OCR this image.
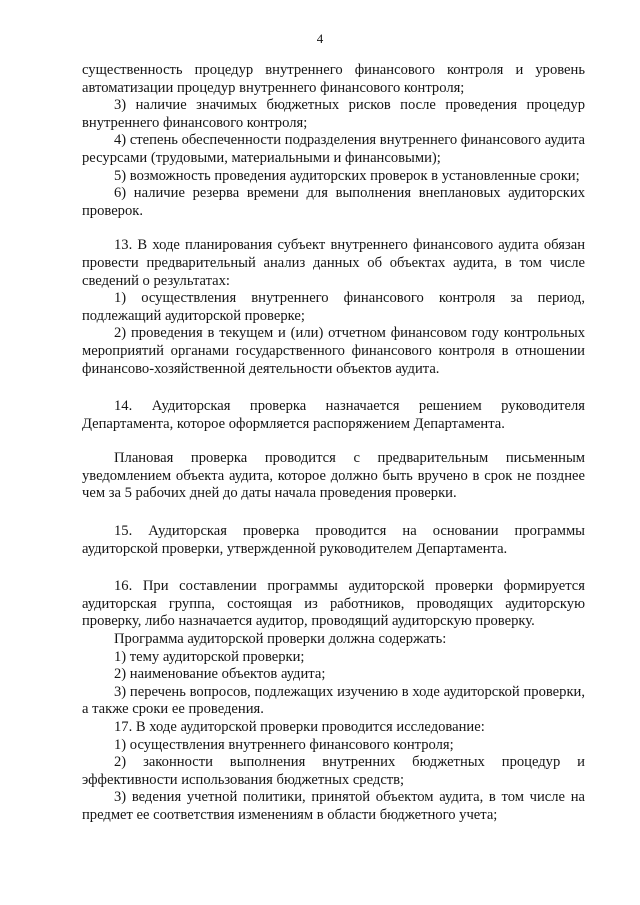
4

существенность процедур внутреннего финансового контроля и уровень автоматизации процедур внутреннего финансового контроля;

3) наличие значимых бюджетных рисков после проведения процедур внутреннего финансового контроля;

4) степень обеспеченности подразделения внутреннего финансового аудита ресурсами (трудовыми, материальными и финансовыми);

5) возможность проведения аудиторских проверок в установленные сроки;

6) наличие резерва времени для выполнения внеплановых аудиторских проверок.

13. В ходе планирования субъект внутреннего финансового аудита обязан провести предварительный анализ данных об объектах аудита, в том числе сведений о результатах:

1) осуществления внутреннего финансового контроля за период, подлежащий аудиторской проверке;

2) проведения в текущем и (или) отчетном финансовом году контрольных мероприятий органами государственного финансового контроля в отношении финансово-хозяйственной деятельности объектов аудита.

14. Аудиторская проверка назначается решением руководителя Департамента, которое оформляется распоряжением Департамента.

Плановая проверка проводится с предварительным письменным уведомлением объекта аудита, которое должно быть вручено в срок не позднее чем за 5 рабочих дней до даты начала проведения проверки.

15. Аудиторская проверка проводится на основании программы аудиторской проверки, утвержденной руководителем Департамента.

16. При составлении программы аудиторской проверки формируется аудиторская группа, состоящая из работников, проводящих аудиторскую проверку, либо назначается аудитор, проводящий аудиторскую проверку.

Программа аудиторской проверки должна содержать:

1) тему аудиторской проверки;

2) наименование объектов аудита;

3) перечень вопросов, подлежащих изучению в ходе аудиторской проверки, а также сроки ее проведения.

17. В ходе аудиторской проверки проводится исследование:

1) осуществления внутреннего финансового контроля;

2) законности выполнения внутренних бюджетных процедур и эффективности использования бюджетных средств;

3) ведения учетной политики, принятой объектом аудита, в том числе на предмет ее соответствия изменениям в области бюджетного учета;
